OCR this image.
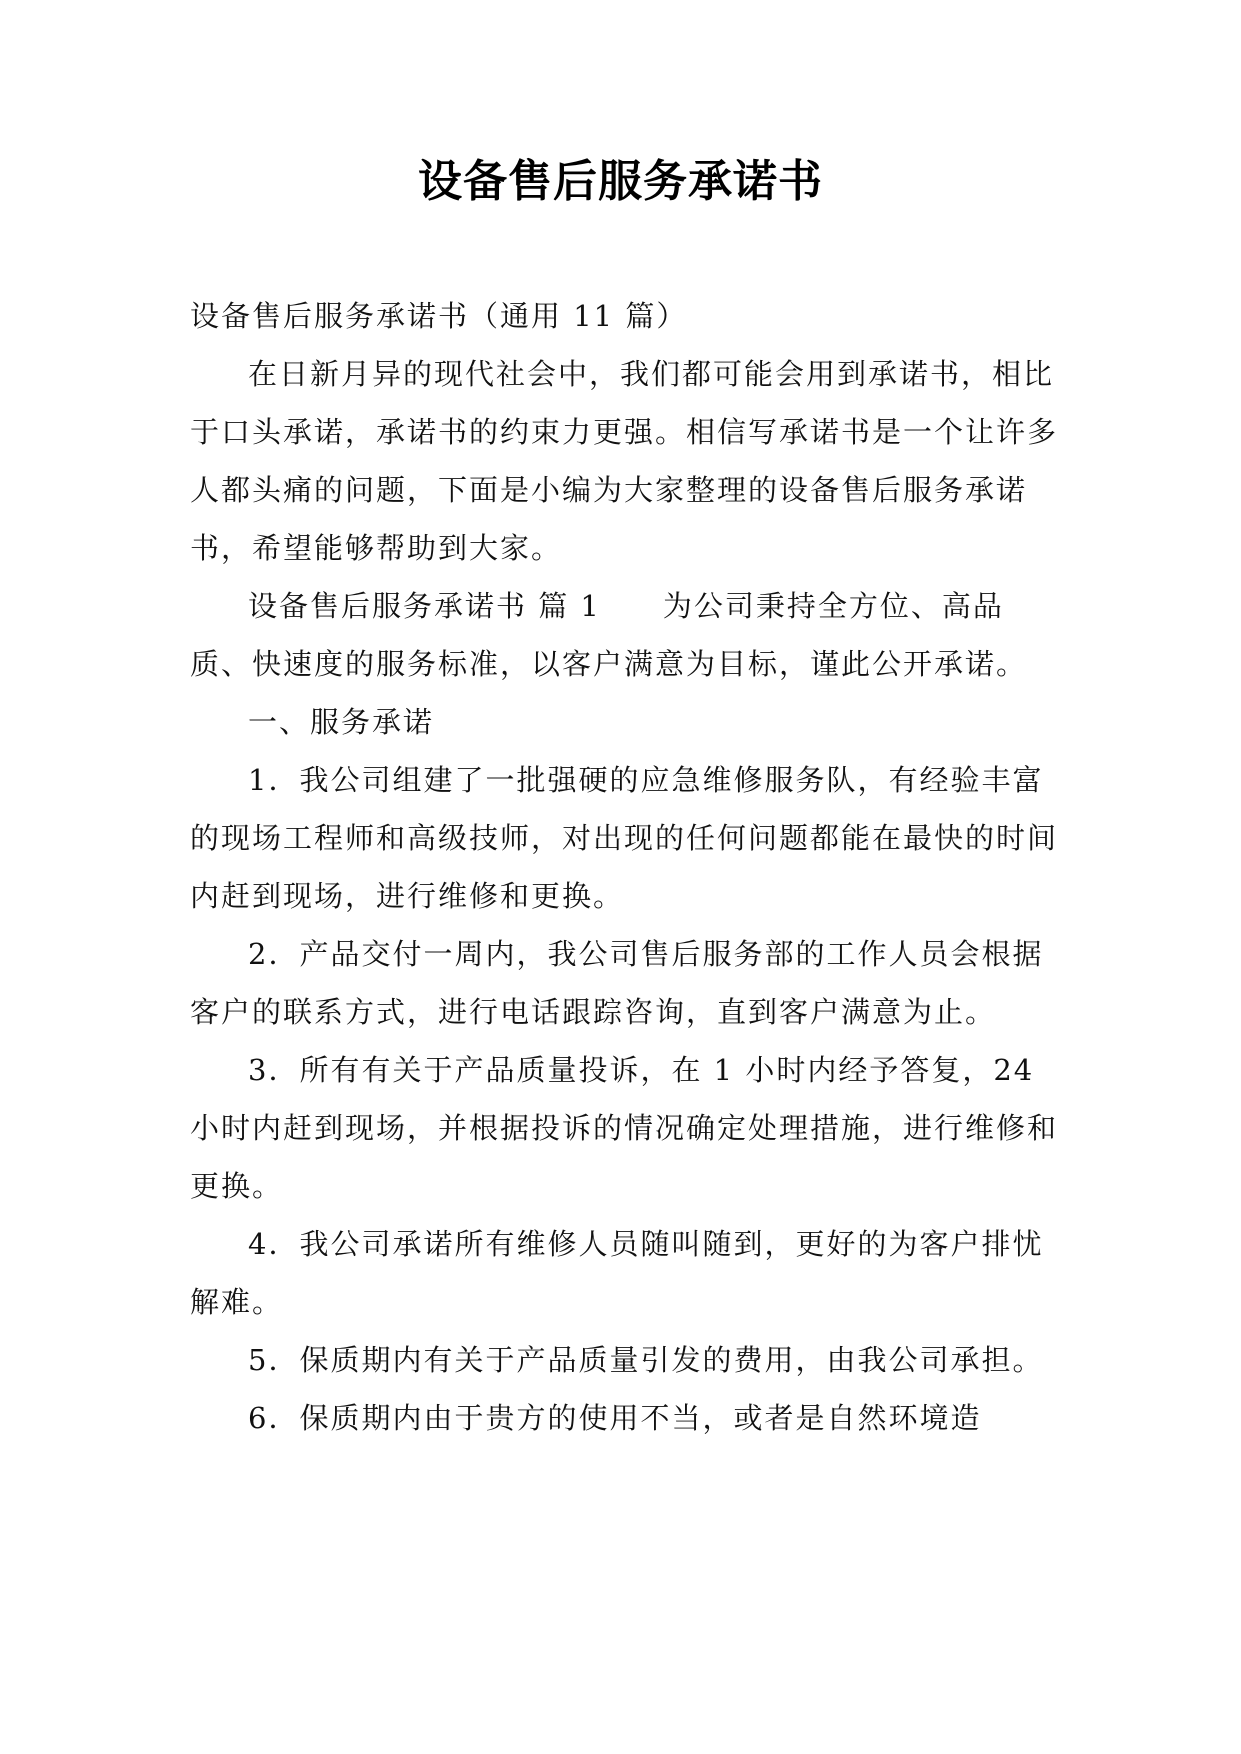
设备售后服务承诺书

设备售后服务承诺书（通用 11 篇）

在日新月异的现代社会中，我们都可能会用到承诺书，相比于口头承诺，承诺书的约束力更强。相信写承诺书是一个让许多人都头痛的问题，下面是小编为大家整理的设备售后服务承诺书，希望能够帮助到大家。

设备售后服务承诺书 篇 1 为公司秉持全方位、高品质、快速度的服务标准，以客户满意为目标，谨此公开承诺。

一、服务承诺

1．我公司组建了一批强硬的应急维修服务队，有经验丰富的现场工程师和高级技师，对出现的任何问题都能在最快的时间内赶到现场，进行维修和更换。

2．产品交付一周内，我公司售后服务部的工作人员会根据客户的联系方式，进行电话跟踪咨询，直到客户满意为止。

3．所有有关于产品质量投诉，在 1 小时内经予答复，24 小时内赶到现场，并根据投诉的情况确定处理措施，进行维修和更换。

4．我公司承诺所有维修人员随叫随到，更好的为客户排忧解难。

5．保质期内有关于产品质量引发的费用，由我公司承担。

6．保质期内由于贵方的使用不当，或者是自然环境造
